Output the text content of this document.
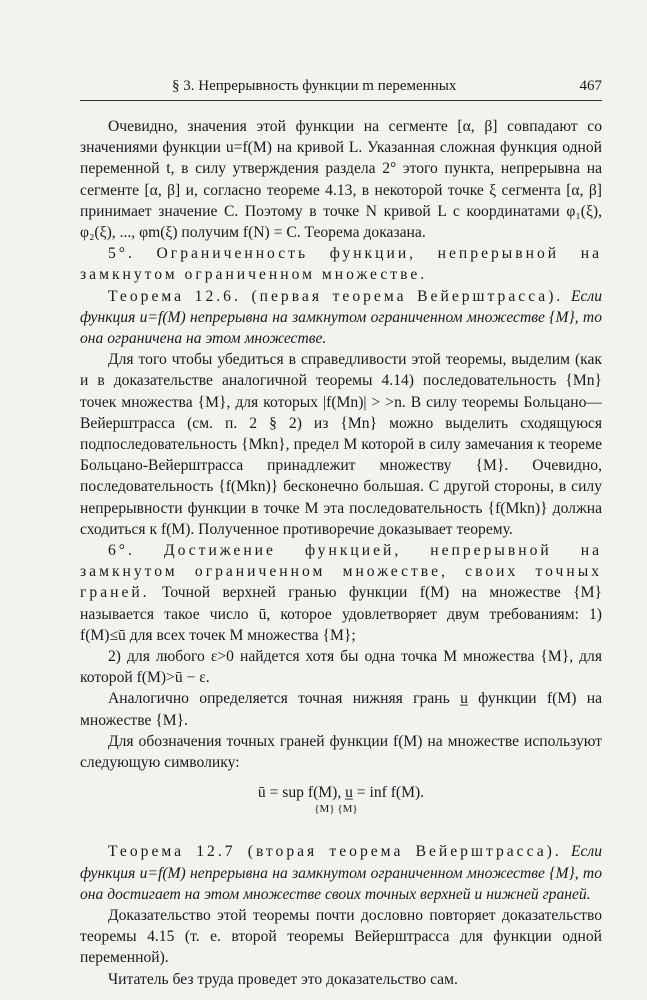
§ 3. Непрерывность функции m переменных	467

Очевидно, значения этой функции на сегменте [α, β] совпадают со значениями функции u=f(M) на кривой L. Указанная сложная функция одной переменной t, в силу утверждения раздела 2° этого пункта, непрерывна на сегменте [α, β] и, согласно теореме 4.13, в некоторой точке ξ сегмента [α, β] принимает значение C. Поэтому в точке N кривой L с координатами φ₁(ξ), φ₂(ξ), ..., φm(ξ) получим f(N) = C. Теорема доказана.

5°. Ограниченность функции, непрерывной на замкнутом ограниченном множестве.

Теорема 12.6. (первая теорема Вейерштрасса). Если функция u=f(M) непрерывна на замкнутом ограниченном множестве {M}, то она ограничена на этом множестве.

Для того чтобы убедиться в справедливости этой теоремы, выделим (как и в доказательстве аналогичной теоремы 4.14) последовательность {Mn} точек множества {M}, для которых |f(Mn)| > >n. В силу теоремы Больцано—Вейерштрасса (см. п. 2 § 2) из {Mn} можно выделить сходящуюся подпоследовательность {Mkn}, предел M которой в силу замечания к теореме Больцано-Вейерштрасса принадлежит множеству {M}. Очевидно, последовательность {f(Mkn)} бесконечно большая. С другой стороны, в силу непрерывности функции в точке M эта последовательность {f(Mkn)} должна сходиться к f(M). Полученное противоречие доказывает теорему.

6°. Достижение функцией, непрерывной на замкнутом ограниченном множестве, своих точных граней. Точной верхней гранью функции f(M) на множестве {M} называется такое число ū, которое удовлетворяет двум требованиям: 1) f(M)≤ū для всех точек M множества {M};

2) для любого ε>0 найдется хотя бы одна точка M множества {M}, для которой f(M)>ū − ε.

Аналогично определяется точная нижняя грань u̲ функции f(M) на множестве {M}.

Для обозначения точных граней функции f(M) на множестве используют следующую символику:

ū = sup f(M), u̲ = inf f(M).
{M} {M}

Теорема 12.7 (вторая теорема Вейерштрасса). Если функция u=f(M) непрерывна на замкнутом ограниченном множестве {M}, то она достигает на этом множестве своих точных верхней и нижней граней.

Доказательство этой теоремы почти дословно повторяет доказательство теоремы 4.15 (т. е. второй теоремы Вейерштрасса для функции одной переменной).

Читатель без труда проведет это доказательство сам.
